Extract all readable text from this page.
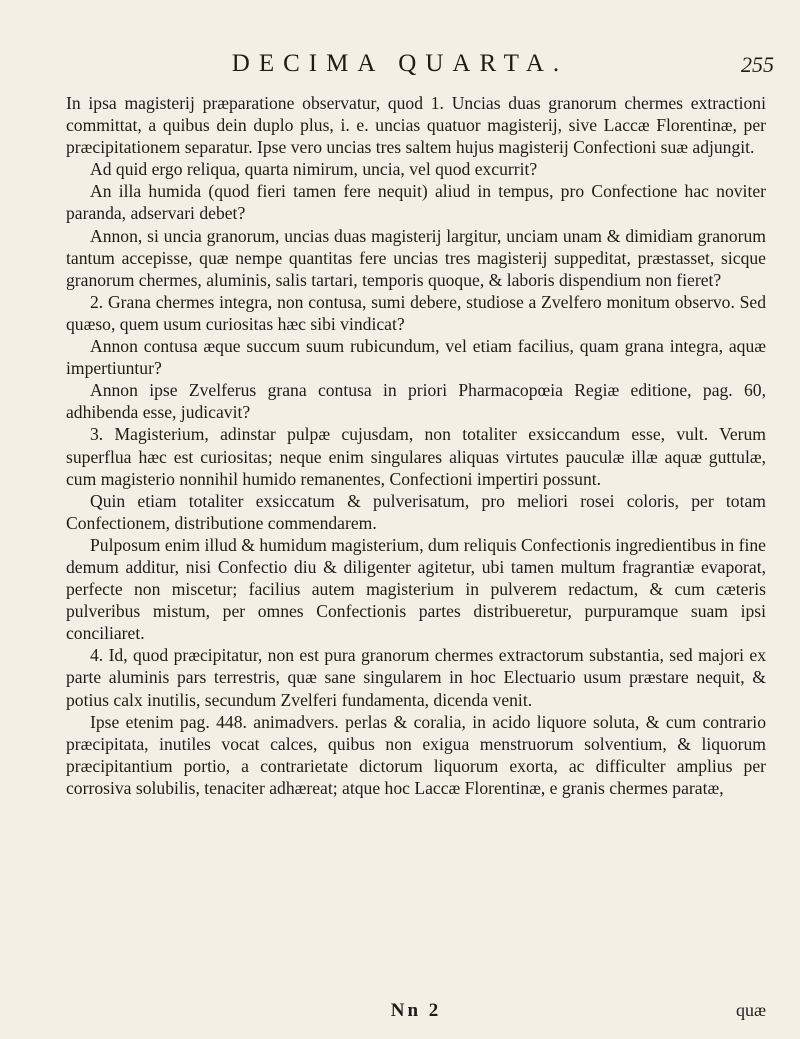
DECIMA QUARTA.	255

In ipsa magisterij præparatione observatur, quod 1. Uncias duas granorum chermes extractioni committat, a quibus dein duplo plus, i. e. uncias quatuor magisterij, sive Laccæ Florentinæ, per præcipitationem separatur. Ipse vero uncias tres saltem hujus magisterij Confectioni suæ adjungit.

Ad quid ergo reliqua, quarta nimirum, uncia, vel quod excurrit?

An illa humida (quod fieri tamen fere nequit) aliud in tempus, pro Confectione hac noviter paranda, adservari debet?

Annon, si uncia granorum, uncias duas magisterij largitur, unciam unam & dimidiam granorum tantum accepisse, quæ nempe quantitas fere uncias tres magisterij suppeditat, præstasset, sicque granorum chermes, aluminis, salis tartari, temporis quoque, & laboris dispendium non fieret?

2. Grana chermes integra, non contusa, sumi debere, studiose a Zvelfero monitum observo. Sed quæso, quem usum curiositas hæc sibi vindicat?

Annon contusa æque succum suum rubicundum, vel etiam facilius, quam grana integra, aquæ impertiuntur?

Annon ipse Zvelferus grana contusa in priori Pharmacopœia Regiæ editione, pag. 60, adhibenda esse, judicavit?

3. Magisterium, adinstar pulpæ cujusdam, non totaliter exsiccandum esse, vult. Verum superflua hæc est curiositas; neque enim singulares aliquas virtutes pauculæ illæ aquæ guttulæ, cum magisterio nonnihil humido remanentes, Confectioni impertiri possunt.

Quin etiam totaliter exsiccatum & pulverisatum, pro meliori rosei coloris, per totam Confectionem, distributione commendarem.

Pulposum enim illud & humidum magisterium, dum reliquis Confectionis ingredientibus in fine demum additur, nisi Confectio diu & diligenter agitetur, ubi tamen multum fragrantiæ evaporat, perfecte non miscetur; facilius autem magisterium in pulverem redactum, & cum cæteris pulveribus mistum, per omnes Confectionis partes distribueretur, purpuramque suam ipsi conciliaret.

4. Id, quod præcipitatur, non est pura granorum chermes extractorum substantia, sed majori ex parte aluminis pars terrestris, quæ sane singularem in hoc Electuario usum præstare nequit, & potius calx inutilis, secundum Zvelferi fundamenta, dicenda venit.

Ipse etenim pag. 448. animadvers. perlas & coralia, in acido liquore soluta, & cum contrario præcipitata, inutiles vocat calces, quibus non exigua menstruorum solventium, & liquorum præcipitantium portio, a contrarietate dictorum liquorum exorta, ac difficulter amplius per corrosiva solubilis, tenaciter adhæreat; atque hoc Laccæ Florentinæ, e granis chermes paratæ,

Nn 2	quæ
